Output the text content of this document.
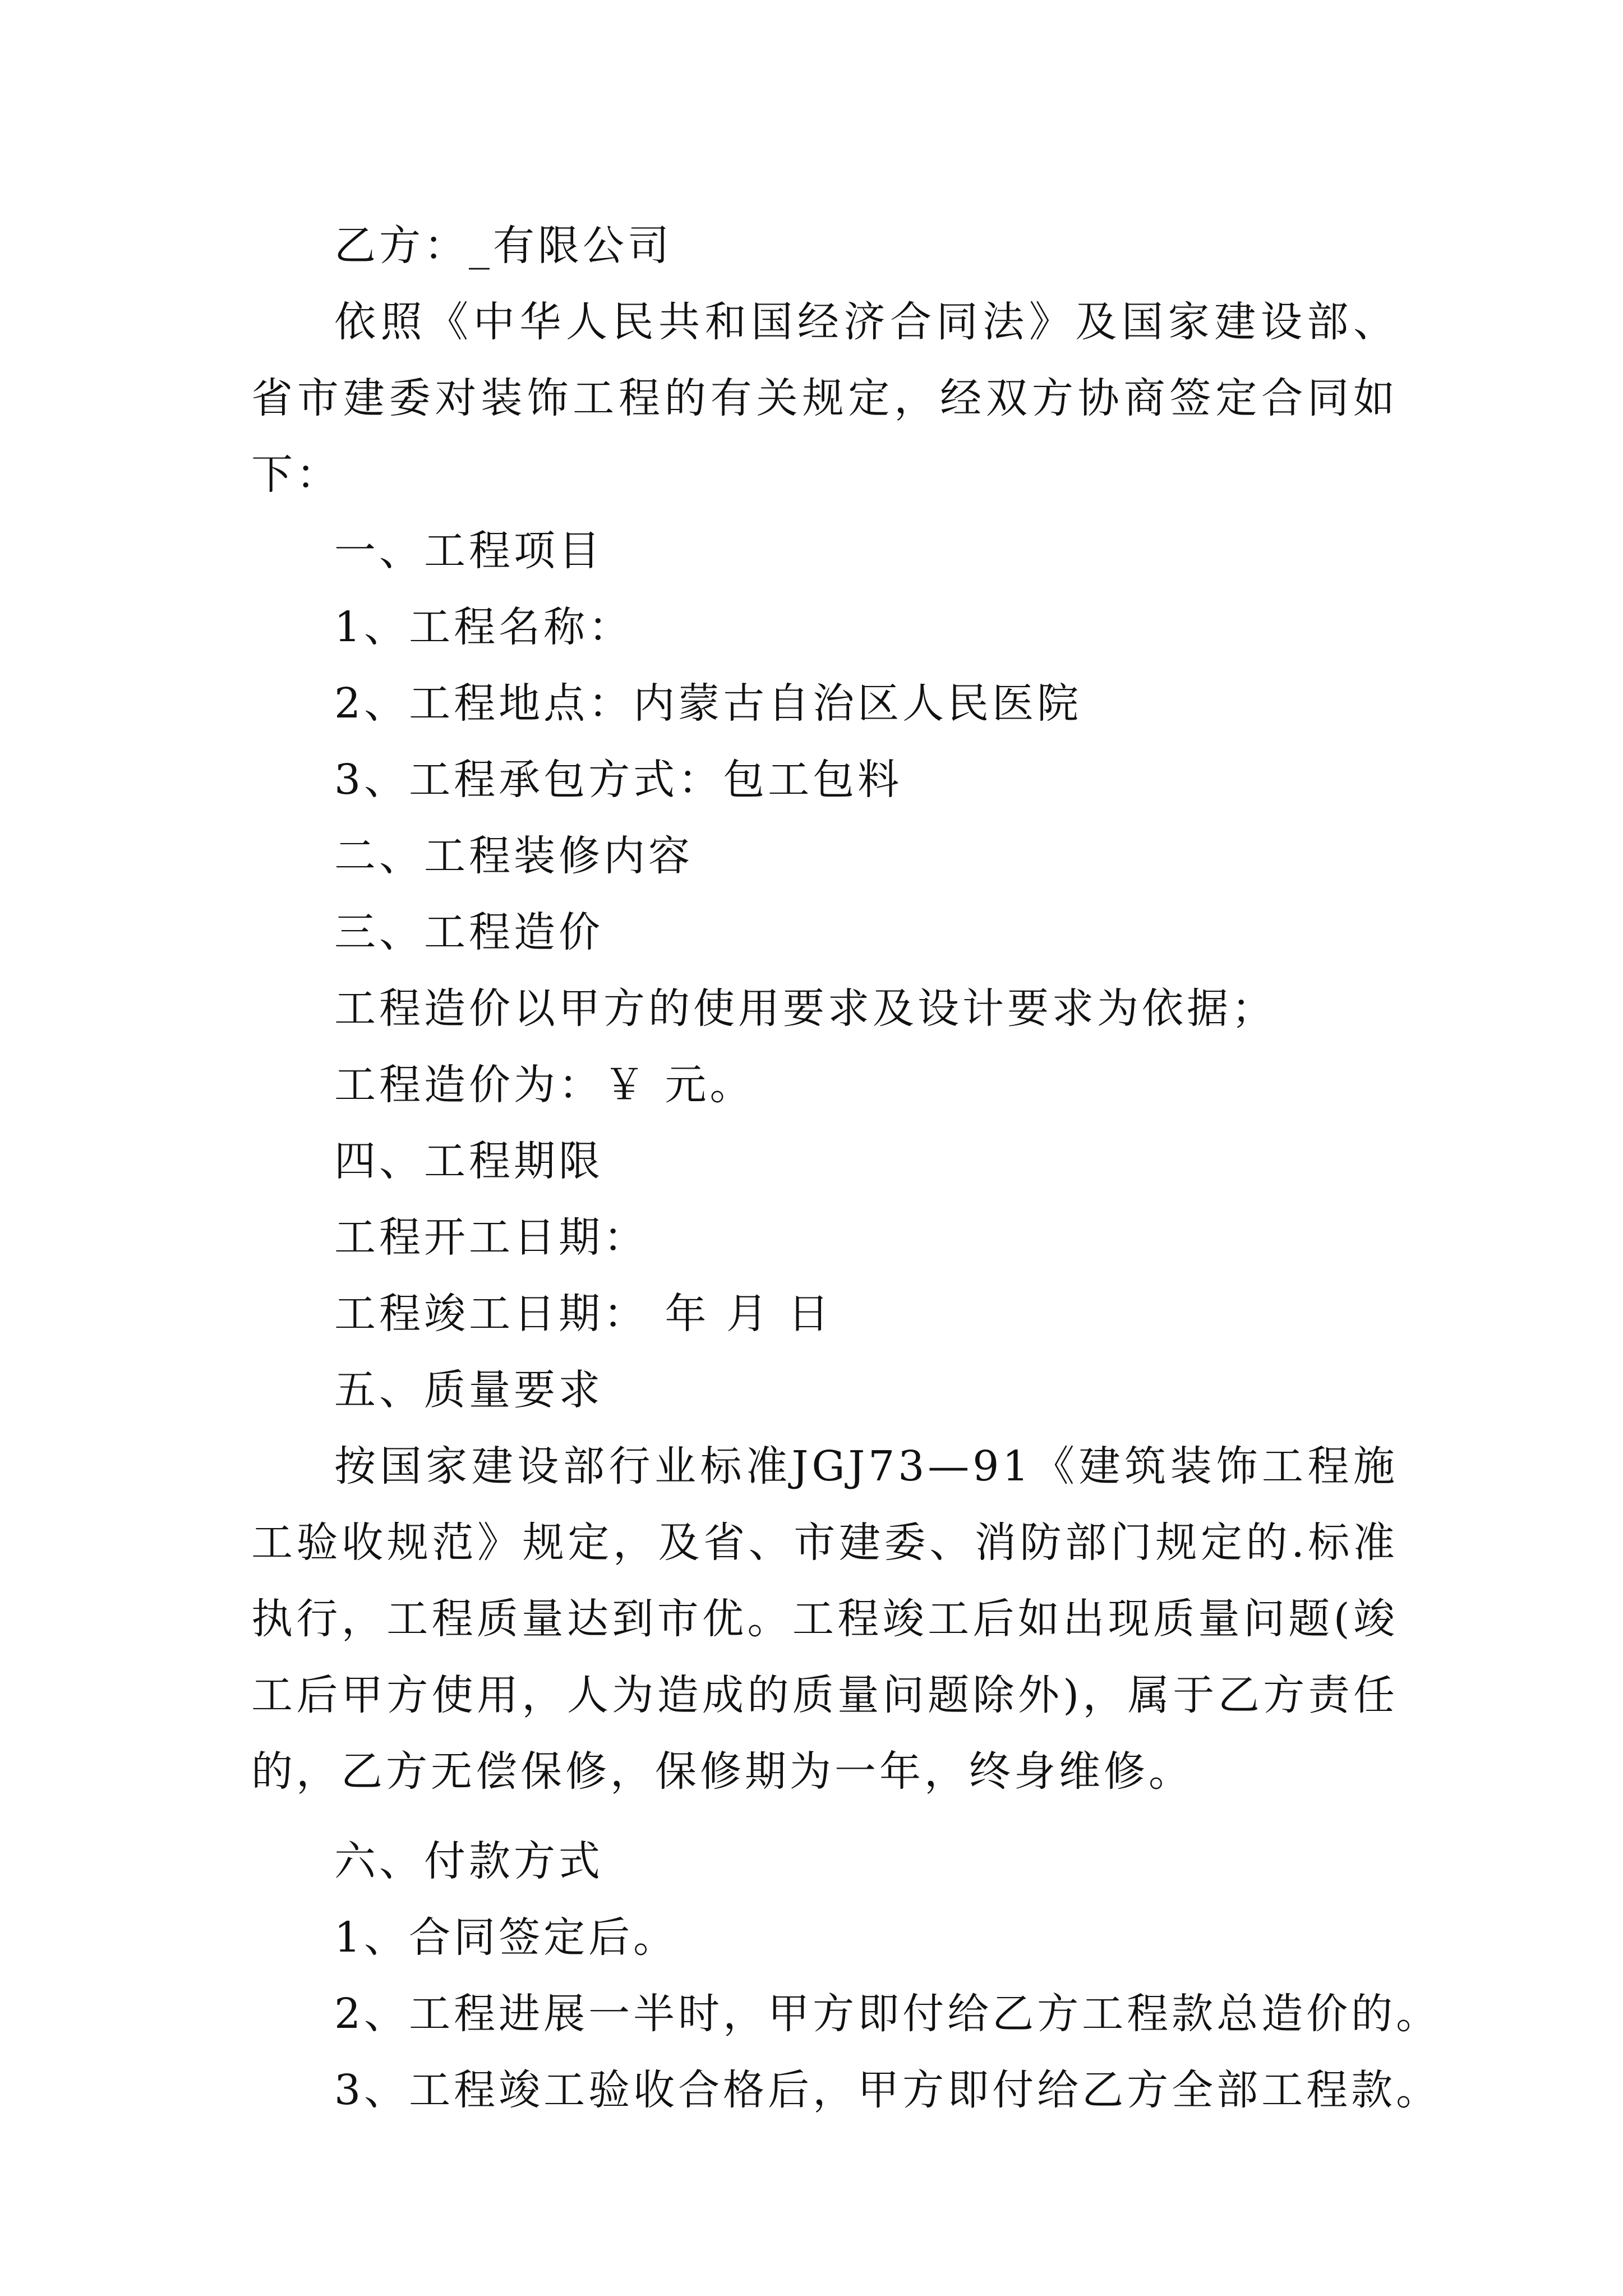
乙方：_有限公司

依照《中华人民共和国经济合同法》及国家建设部、省市建委对装饰工程的有关规定，经双方协商签定合同如下：

一、工程项目

1、工程名称：

2、工程地点：内蒙古自治区人民医院

3、工程承包方式：包工包料

二、工程装修内容

三、工程造价

工程造价以甲方的使用要求及设计要求为依据；

工程造价为：￥ 元。

四、工程期限

工程开工日期：

工程竣工日期： 年 月 日

五、质量要求

按国家建设部行业标准JGJ73—91《建筑装饰工程施工验收规范》规定，及省、市建委、消防部门规定的.标准执行，工程质量达到市优。工程竣工后如出现质量问题(竣工后甲方使用，人为造成的质量问题除外)，属于乙方责任的，乙方无偿保修，保修期为一年，终身维修。

六、付款方式

1、合同签定后。

2、工程进展一半时，甲方即付给乙方工程款总造价的。

3、工程竣工验收合格后，甲方即付给乙方全部工程款。
